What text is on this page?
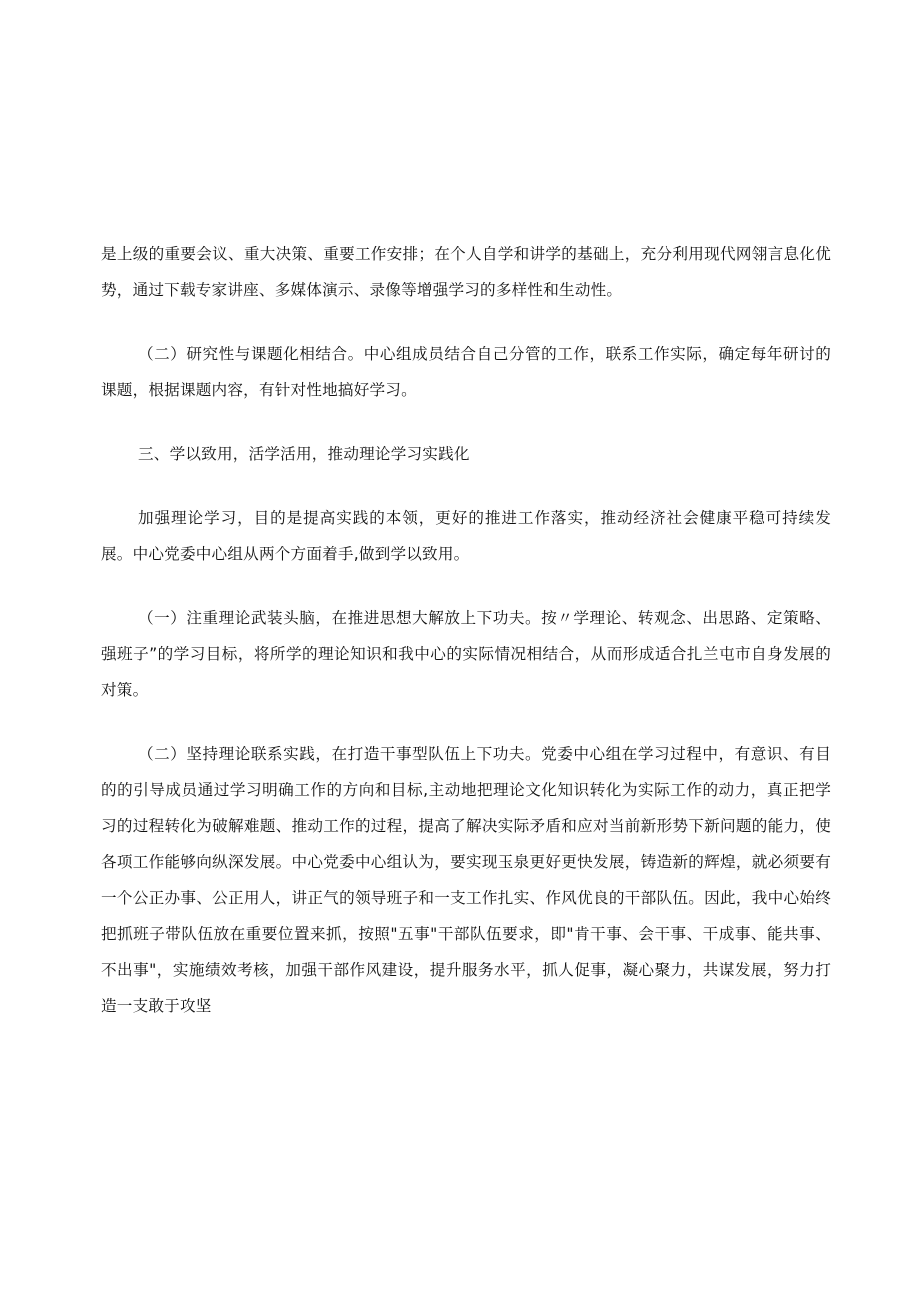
是上级的重要会议、重大决策、重要工作安排；在个人自学和讲学的基础上，充分利用现代网翎言息化优势，通过下载专家讲座、多媒体演示、录像等增强学习的多样性和生动性。

（二）研究性与课题化相结合。中心组成员结合自己分管的工作，联系工作实际，确定每年研讨的课题，根据课题内容，有针对性地搞好学习。

三、学以致用，活学活用，推动理论学习实践化

加强理论学习，目的是提高实践的本领，更好的推进工作落实，推动经济社会健康平稳可持续发展。中心党委中心组从两个方面着手,做到学以致用。

（一）注重理论武装头脑，在推进思想大解放上下功夫。按〃学理论、转观念、出思路、定策略、强班子”的学习目标，将所学的理论知识和我中心的实际情况相结合，从而形成适合扎兰屯市自身发展的对策。

（二）坚持理论联系实践，在打造干事型队伍上下功夫。党委中心组在学习过程中，有意识、有目的的引导成员通过学习明确工作的方向和目标,主动地把理论文化知识转化为实际工作的动力，真正把学习的过程转化为破解难题、推动工作的过程，提高了解决实际矛盾和应对当前新形势下新问题的能力，使各项工作能够向纵深发展。中心党委中心组认为，要实现玉泉更好更快发展，铸造新的辉煌，就必须要有一个公正办事、公正用人，讲正气的领导班子和一支工作扎实、作风优良的干部队伍。因此，我中心始终把抓班子带队伍放在重要位置来抓，按照"五事"干部队伍要求，即"肯干事、会干事、干成事、能共事、不出事"，实施绩效考核，加强干部作风建设，提升服务水平，抓人促事，凝心聚力，共谋发展，努力打造一支敢于攻坚
